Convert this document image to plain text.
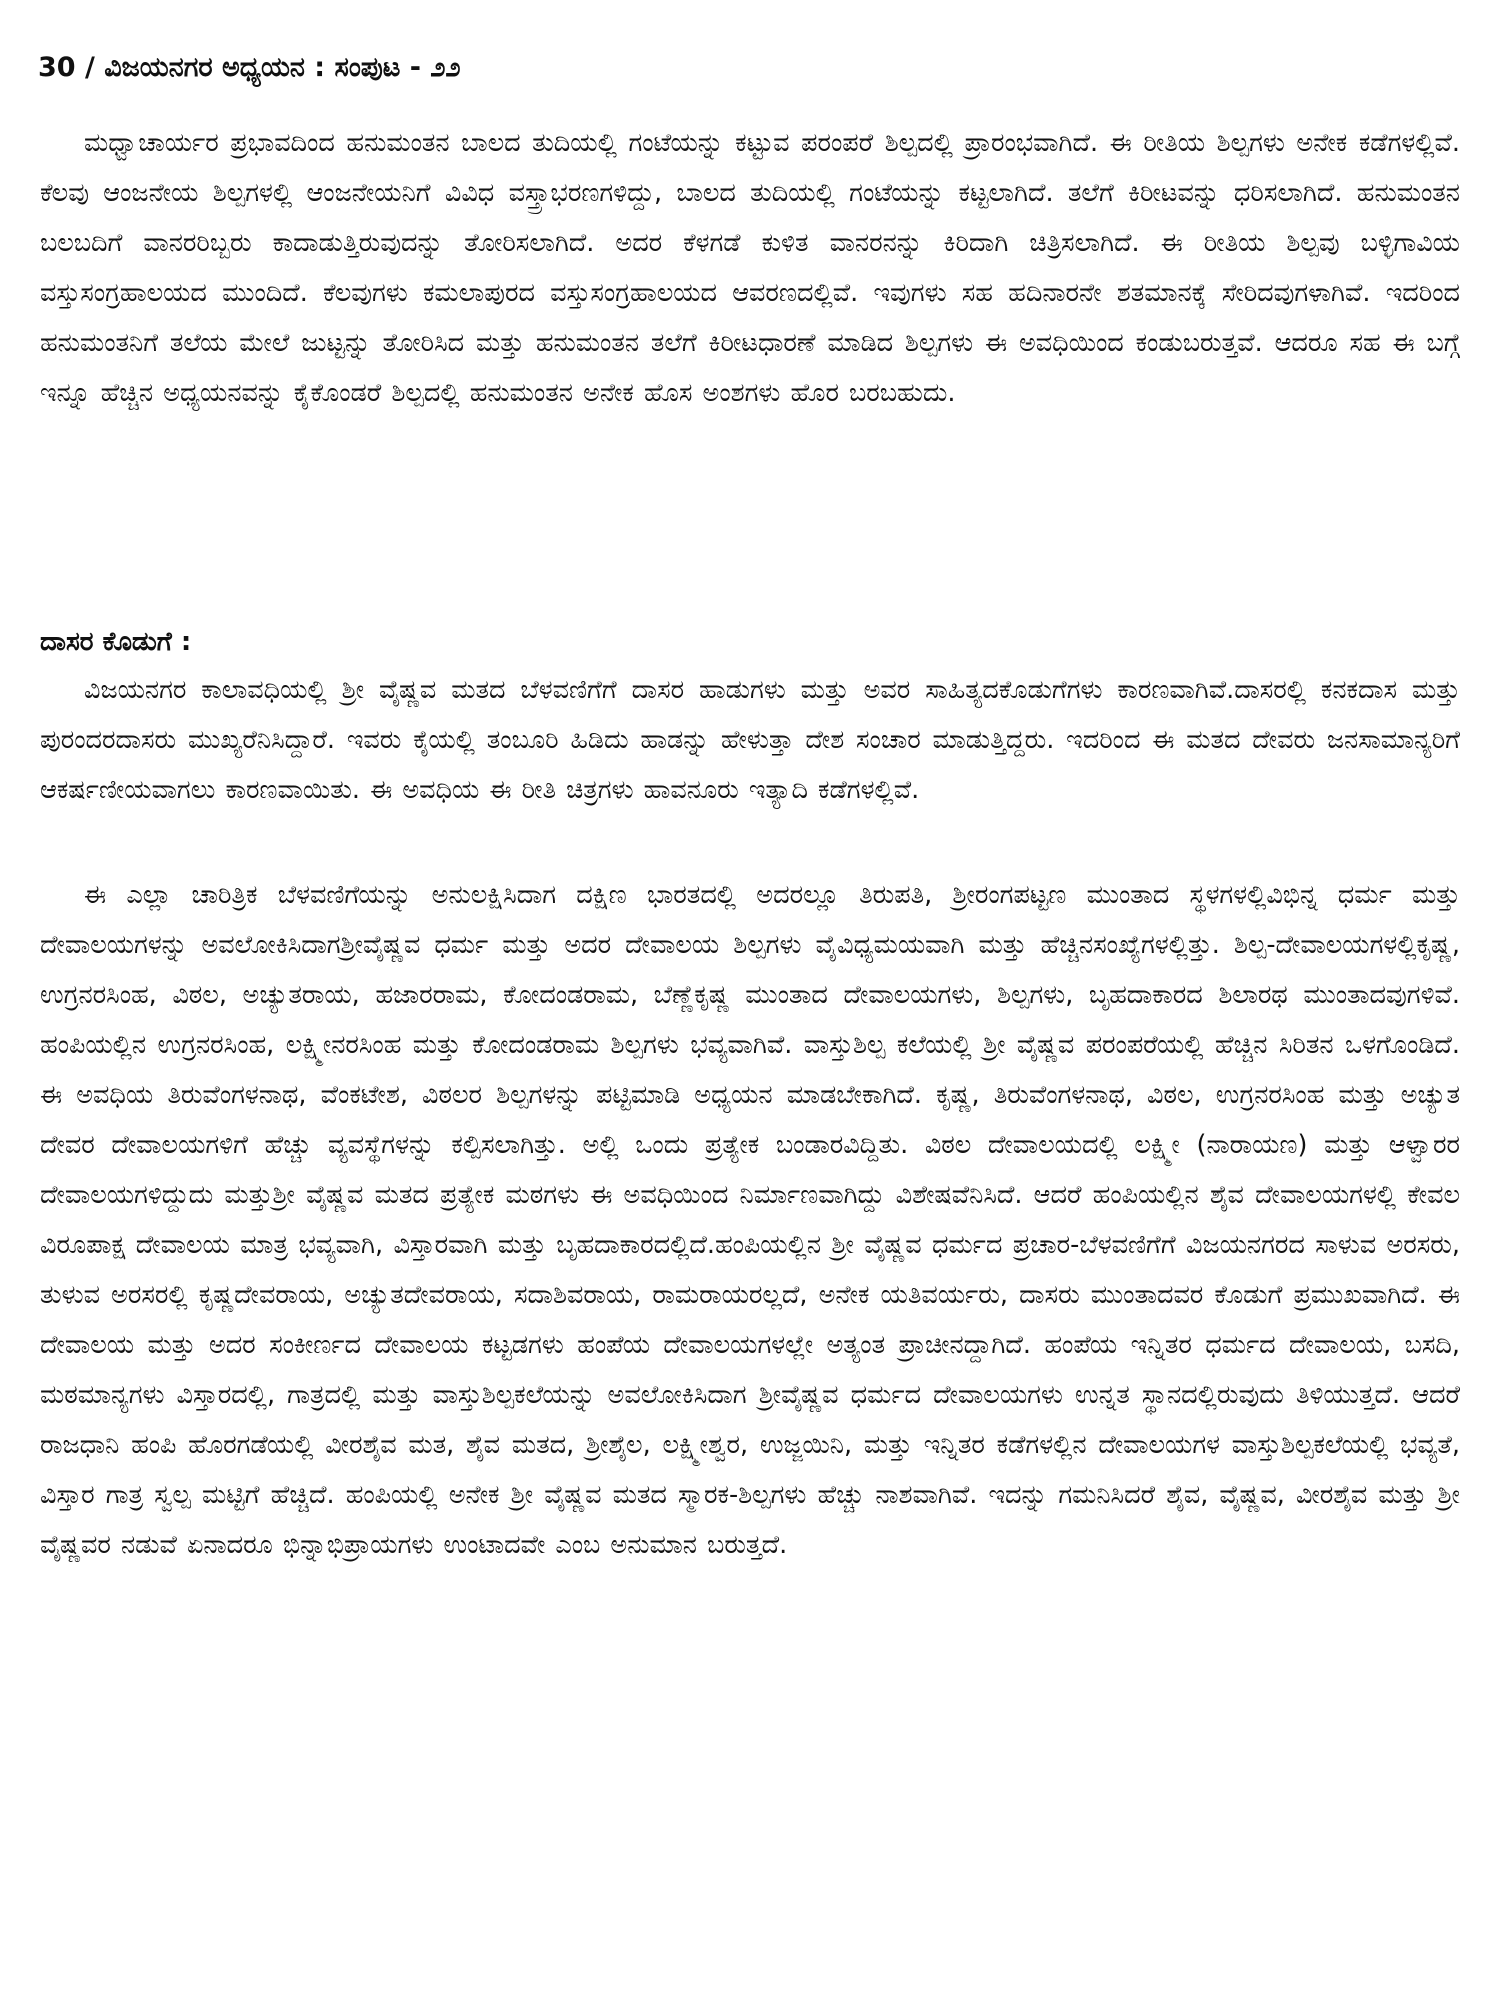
30 / ವಿಜಯನಗರ ಅಧ್ಯಯನ : ಸಂಪುಟ - ೨೨

ಮಧ್ವಾಚಾರ್ಯರ ಪ್ರಭಾವದಿಂದ ಹನುಮಂತನ ಬಾಲದ ತುದಿಯಲ್ಲಿ ಗಂಟೆಯನ್ನು ಕಟ್ಟುವ ಪರಂಪರೆ ಶಿಲ್ಪದಲ್ಲಿ ಪ್ರಾರಂಭವಾಗಿದೆ. ಈ ರೀತಿಯ ಶಿಲ್ಪಗಳು ಅನೇಕ ಕಡೆಗಳಲ್ಲಿವೆ. ಕೆಲವು ಆಂಜನೇಯ ಶಿಲ್ಪಗಳಲ್ಲಿ ಆಂಜನೇಯನಿಗೆ ವಿವಿಧ ವಸ್ತ್ರಾಭರಣಗಳಿದ್ದು, ಬಾಲದ ತುದಿಯಲ್ಲಿ ಗಂಟೆಯನ್ನು ಕಟ್ಟಲಾಗಿದೆ. ತಲೆಗೆ ಕಿರೀಟವನ್ನು ಧರಿಸಲಾಗಿದೆ. ಹನುಮಂತನ ಬಲಬದಿಗೆ ವಾನರರಿಬ್ಬರು ಕಾದಾಡುತ್ತಿರುವುದನ್ನು ತೋರಿಸಲಾಗಿದೆ. ಅದರ ಕೆಳಗಡೆ ಕುಳಿತ ವಾನರನನ್ನು ಕಿರಿದಾಗಿ ಚಿತ್ರಿಸಲಾಗಿದೆ. ಈ ರೀತಿಯ ಶಿಲ್ಪವು ಬಳ್ಳಿಗಾವಿಯ ವಸ್ತುಸಂಗ್ರಹಾಲಯದ ಮುಂದಿದೆ. ಕೆಲವುಗಳು ಕಮಲಾಪುರದ ವಸ್ತುಸಂಗ್ರಹಾಲಯದ ಆವರಣದಲ್ಲಿವೆ. ಇವುಗಳು ಸಹ ಹದಿನಾರನೇ ಶತಮಾನಕ್ಕೆ ಸೇರಿದವುಗಳಾಗಿವೆ. ಇದರಿಂದ ಹನುಮಂತನಿಗೆ ತಲೆಯ ಮೇಲೆ ಜುಟ್ಟನ್ನು ತೋರಿಸಿದ ಮತ್ತು ಹನುಮಂತನ ತಲೆಗೆ ಕಿರೀಟಧಾರಣೆ ಮಾಡಿದ ಶಿಲ್ಪಗಳು ಈ ಅವಧಿಯಿಂದ ಕಂಡುಬರುತ್ತವೆ. ಆದರೂ ಸಹ ಈ ಬಗ್ಗೆ ಇನ್ನೂ ಹೆಚ್ಚಿನ ಅಧ್ಯಯನವನ್ನು ಕೈಕೊಂಡರೆ ಶಿಲ್ಪದಲ್ಲಿ ಹನುಮಂತನ ಅನೇಕ ಹೊಸ ಅಂಶಗಳು ಹೊರ ಬರಬಹುದು.

ದಾಸರ ಕೊಡುಗೆ :

ವಿಜಯನಗರ ಕಾಲಾವಧಿಯಲ್ಲಿ ಶ್ರೀ ವೈಷ್ಣವ ಮತದ ಬೆಳವಣಿಗೆಗೆ ದಾಸರ ಹಾಡುಗಳು ಮತ್ತು ಅವರ ಸಾಹಿತ್ಯದಕೊಡುಗೆಗಳು ಕಾರಣವಾಗಿವೆ.ದಾಸರಲ್ಲಿ ಕನಕದಾಸ ಮತ್ತು ಪುರಂದರದಾಸರು ಮುಖ್ಯರೆನಿಸಿದ್ದಾರೆ. ಇವರು ಕೈಯಲ್ಲಿ ತಂಬೂರಿ ಹಿಡಿದು ಹಾಡನ್ನು ಹೇಳುತ್ತಾ ದೇಶ ಸಂಚಾರ ಮಾಡುತ್ತಿದ್ದರು. ಇದರಿಂದ ಈ ಮತದ ದೇವರು ಜನಸಾಮಾನ್ಯರಿಗೆ ಆಕರ್ಷಣೀಯವಾಗಲು ಕಾರಣವಾಯಿತು. ಈ ಅವಧಿಯ ಈ ರೀತಿ ಚಿತ್ರಗಳು ಹಾವನೂರು ಇತ್ಯಾದಿ ಕಡೆಗಳಲ್ಲಿವೆ.

ಈ ಎಲ್ಲಾ ಚಾರಿತ್ರಿಕ ಬೆಳವಣಿಗೆಯನ್ನು ಅನುಲಕ್ಷಿಸಿದಾಗ ದಕ್ಷಿಣ ಭಾರತದಲ್ಲಿ ಅದರಲ್ಲೂ ತಿರುಪತಿ, ಶ್ರೀರಂಗಪಟ್ಟಣ ಮುಂತಾದ ಸ್ಥಳಗಳಲ್ಲಿವಿಭಿನ್ನ ಧರ್ಮ ಮತ್ತು ದೇವಾಲಯಗಳನ್ನು ಅವಲೋಕಿಸಿದಾಗಶ್ರೀವೈಷ್ಣವ ಧರ್ಮ ಮತ್ತು ಅದರ ದೇವಾಲಯ ಶಿಲ್ಪಗಳು ವೈವಿಧ್ಯಮಯವಾಗಿ ಮತ್ತು ಹೆಚ್ಚಿನಸಂಖ್ಯೆಗಳಲ್ಲಿತ್ತು. ಶಿಲ್ಪ-ದೇವಾಲಯಗಳಲ್ಲಿಕೃಷ್ಣ, ಉಗ್ರನರಸಿಂಹ, ವಿಠಲ, ಅಚ್ಯುತರಾಯ, ಹಜಾರರಾಮ, ಕೋದಂಡರಾಮ, ಬೆಣ್ಣೆಕೃಷ್ಣ ಮುಂತಾದ ದೇವಾಲಯಗಳು, ಶಿಲ್ಪಗಳು, ಬೃಹದಾಕಾರದ ಶಿಲಾರಥ ಮುಂತಾದವುಗಳಿವೆ. ಹಂಪಿಯಲ್ಲಿನ ಉಗ್ರನರಸಿಂಹ, ಲಕ್ಷ್ಮೀನರಸಿಂಹ ಮತ್ತು ಕೋದಂಡರಾಮ ಶಿಲ್ಪಗಳು ಭವ್ಯವಾಗಿವೆ. ವಾಸ್ತುಶಿಲ್ಪ ಕಲೆಯಲ್ಲಿ ಶ್ರೀ ವೈಷ್ಣವ ಪರಂಪರೆಯಲ್ಲಿ ಹೆಚ್ಚಿನ ಸಿರಿತನ ಒಳಗೊಂಡಿದೆ. ಈ ಅವಧಿಯ ತಿರುವೆಂಗಳನಾಥ, ವೆಂಕಟೇಶ, ವಿಠಲರ ಶಿಲ್ಪಗಳನ್ನು ಪಟ್ಟಿಮಾಡಿ ಅಧ್ಯಯನ ಮಾಡಬೇಕಾಗಿದೆ. ಕೃಷ್ಣ, ತಿರುವೆಂಗಳನಾಥ, ವಿಠಲ, ಉಗ್ರನರಸಿಂಹ ಮತ್ತು ಅಚ್ಯುತ ದೇವರ ದೇವಾಲಯಗಳಿಗೆ ಹೆಚ್ಚು ವ್ಯವಸ್ಥೆಗಳನ್ನು ಕಲ್ಪಿಸಲಾಗಿತ್ತು. ಅಲ್ಲಿ ಒಂದು ಪ್ರತ್ಯೇಕ ಬಂಡಾರವಿದ್ದಿತು. ವಿಠಲ ದೇವಾಲಯದಲ್ಲಿ ಲಕ್ಷ್ಮೀ (ನಾರಾಯಣ) ಮತ್ತು ಆಳ್ವಾರರ ದೇವಾಲಯಗಳಿದ್ದುದು ಮತ್ತುಶ್ರೀ ವೈಷ್ಣವ ಮತದ ಪ್ರತ್ಯೇಕ ಮಠಗಳು ಈ ಅವಧಿಯಿಂದ ನಿರ್ಮಾಣವಾಗಿದ್ದು ವಿಶೇಷವೆನಿಸಿದೆ. ಆದರೆ ಹಂಪಿಯಲ್ಲಿನ ಶೈವ ದೇವಾಲಯಗಳಲ್ಲಿ ಕೇವಲ ವಿರೂಪಾಕ್ಷ ದೇವಾಲಯ ಮಾತ್ರ ಭವ್ಯವಾಗಿ, ವಿಸ್ತಾರವಾಗಿ ಮತ್ತು ಬೃಹದಾಕಾರದಲ್ಲಿದೆ.ಹಂಪಿಯಲ್ಲಿನ ಶ್ರೀ ವೈಷ್ಣವ ಧರ್ಮದ ಪ್ರಚಾರ-ಬೆಳವಣಿಗೆಗೆ ವಿಜಯನಗರದ ಸಾಳುವ ಅರಸರು, ತುಳುವ ಅರಸರಲ್ಲಿ ಕೃಷ್ಣದೇವರಾಯ, ಅಚ್ಯುತದೇವರಾಯ, ಸದಾಶಿವರಾಯ, ರಾಮರಾಯರಲ್ಲದೆ, ಅನೇಕ ಯತಿವರ್ಯರು, ದಾಸರು ಮುಂತಾದವರ ಕೊಡುಗೆ ಪ್ರಮುಖವಾಗಿದೆ. ಈ ದೇವಾಲಯ ಮತ್ತು ಅದರ ಸಂಕೀರ್ಣದ ದೇವಾಲಯ ಕಟ್ಟಡಗಳು ಹಂಪೆಯ ದೇವಾಲಯಗಳಲ್ಲೇ ಅತ್ಯಂತ ಪ್ರಾಚೀನದ್ದಾಗಿದೆ. ಹಂಪೆಯ ಇನ್ನಿತರ ಧರ್ಮದ ದೇವಾಲಯ, ಬಸದಿ, ಮಠಮಾನ್ಯಗಳು ವಿಸ್ತಾರದಲ್ಲಿ, ಗಾತ್ರದಲ್ಲಿ ಮತ್ತು ವಾಸ್ತುಶಿಲ್ಪಕಲೆಯನ್ನು ಅವಲೋಕಿಸಿದಾಗ ಶ್ರೀವೈಷ್ಣವ ಧರ್ಮದ ದೇವಾಲಯಗಳು ಉನ್ನತ ಸ್ಥಾನದಲ್ಲಿರುವುದು ತಿಳಿಯುತ್ತದೆ. ಆದರೆ ರಾಜಧಾನಿ ಹಂಪಿ ಹೊರಗಡೆಯಲ್ಲಿ ವೀರಶೈವ ಮತ, ಶೈವ ಮತದ, ಶ್ರೀಶೈಲ, ಲಕ್ಷ್ಮೀಶ್ವರ, ಉಜ್ಜಯಿನಿ, ಮತ್ತು ಇನ್ನಿತರ ಕಡೆಗಳಲ್ಲಿನ ದೇವಾಲಯಗಳ ವಾಸ್ತುಶಿಲ್ಪಕಲೆಯಲ್ಲಿ ಭವ್ಯತೆ, ವಿಸ್ತಾರ ಗಾತ್ರ ಸ್ವಲ್ಪ ಮಟ್ಟಿಗೆ ಹೆಚ್ಚಿದೆ. ಹಂಪಿಯಲ್ಲಿ ಅನೇಕ ಶ್ರೀ ವೈಷ್ಣವ ಮತದ ಸ್ಮಾರಕ-ಶಿಲ್ಪಗಳು ಹೆಚ್ಚು ನಾಶವಾಗಿವೆ. ಇದನ್ನು ಗಮನಿಸಿದರೆ ಶೈವ, ವೈಷ್ಣವ, ವೀರಶೈವ ಮತ್ತು ಶ್ರೀ ವೈಷ್ಣವರ ನಡುವೆ ಏನಾದರೂ ಭಿನ್ನಾಭಿಪ್ರಾಯಗಳು ಉಂಟಾದವೇ ಎಂಬ ಅನುಮಾನ ಬರುತ್ತದೆ.
